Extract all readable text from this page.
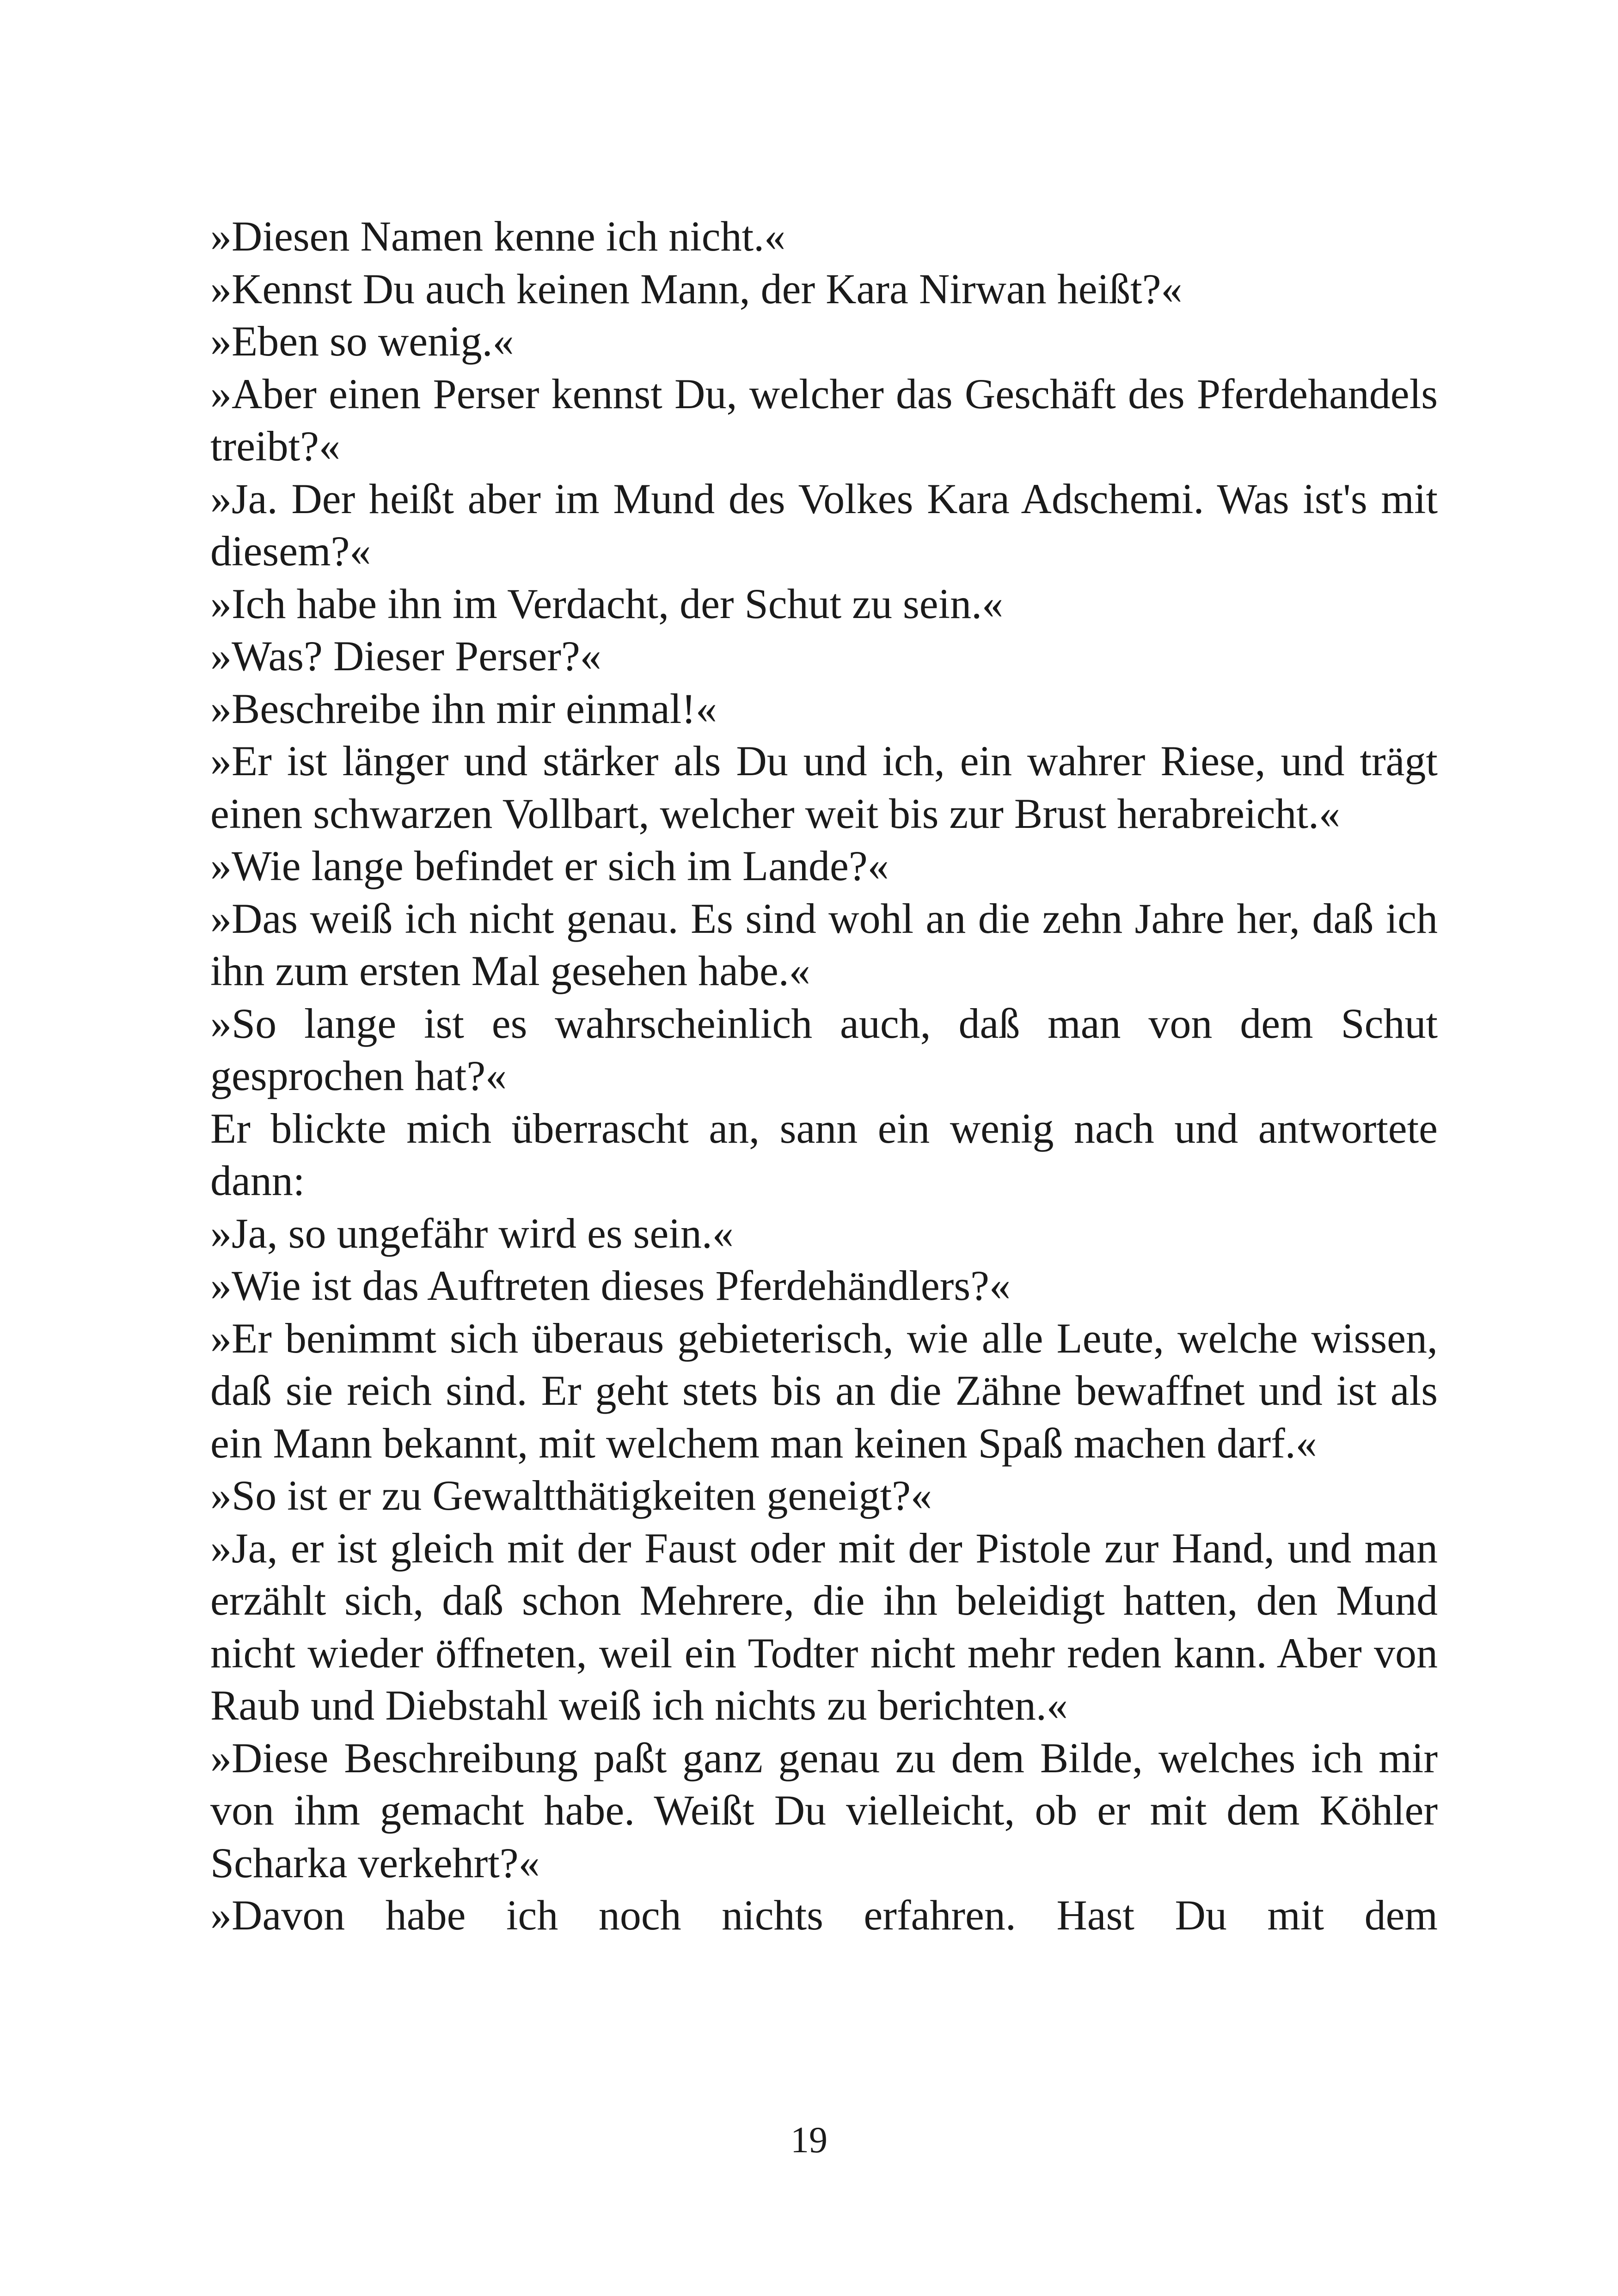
»Diesen Namen kenne ich nicht.«

»Kennst Du auch keinen Mann, der Kara Nirwan heißt?«

»Eben so wenig.«

»Aber einen Perser kennst Du, welcher das Geschäft des Pferdehandels treibt?«

»Ja. Der heißt aber im Mund des Volkes Kara Adschemi. Was ist's mit diesem?«

»Ich habe ihn im Verdacht, der Schut zu sein.«

»Was? Dieser Perser?«

»Beschreibe ihn mir einmal!«

»Er ist länger und stärker als Du und ich, ein wahrer Riese, und trägt einen schwarzen Vollbart, welcher weit bis zur Brust herabreicht.«

»Wie lange befindet er sich im Lande?«

»Das weiß ich nicht genau. Es sind wohl an die zehn Jahre her, daß ich ihn zum ersten Mal gesehen habe.«

»So lange ist es wahrscheinlich auch, daß man von dem Schut gesprochen hat?«

Er blickte mich überrascht an, sann ein wenig nach und antwortete dann:

»Ja, so ungefähr wird es sein.«

»Wie ist das Auftreten dieses Pferdehändlers?«

»Er benimmt sich überaus gebieterisch, wie alle Leute, welche wissen, daß sie reich sind. Er geht stets bis an die Zähne bewaffnet und ist als ein Mann bekannt, mit welchem man keinen Spaß machen darf.«

»So ist er zu Gewaltthätigkeiten geneigt?«

»Ja, er ist gleich mit der Faust oder mit der Pistole zur Hand, und man erzählt sich, daß schon Mehrere, die ihn beleidigt hatten, den Mund nicht wieder öffneten, weil ein Todter nicht mehr reden kann. Aber von Raub und Diebstahl weiß ich nichts zu berichten.«

»Diese Beschreibung paßt ganz genau zu dem Bilde, welches ich mir von ihm gemacht habe. Weißt Du vielleicht, ob er mit dem Köhler Scharka verkehrt?«

»Davon habe ich noch nichts erfahren. Hast Du mit dem

19
